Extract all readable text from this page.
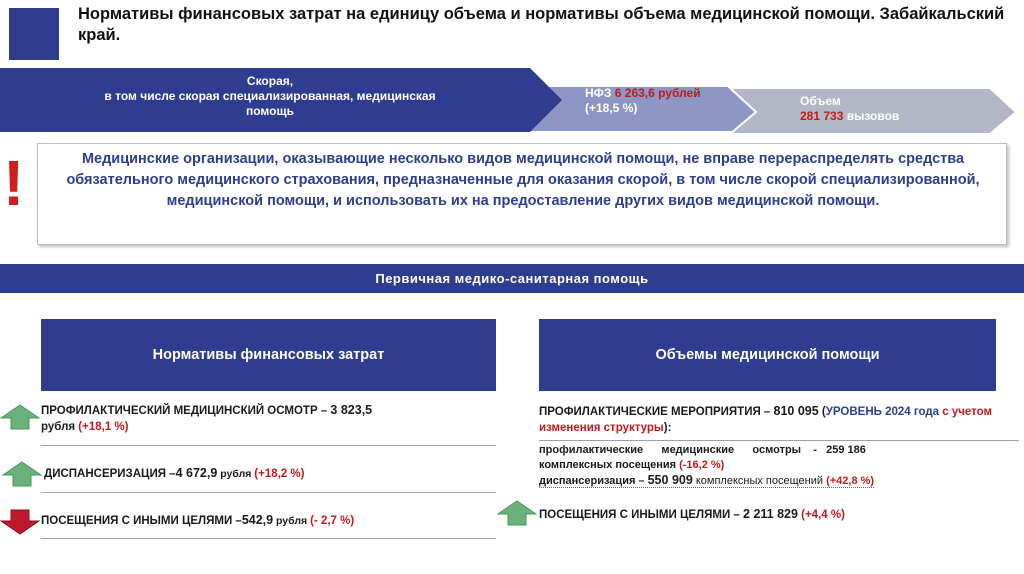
Нормативы финансовых затрат на единицу объема и нормативы объема медицинской помощи. Забайкальский край.
Скорая,
в том числе скорая специализированная, медицинская
помощь
НФЗ 6 263,6 рублей
(+18,5 %)	Объем
281 733 вызовов
!	Медицинские организации, оказывающие несколько видов медицинской помощи, не вправе перераспределять средства обязательного медицинского страхования, предназначенные для оказания скорой, в том числе скорой специализированной, медицинской помощи, и использовать их на предоставление других видов медицинской помощи.
Первичная медико-санитарная помощь
Нормативы финансовых затрат	Объемы медицинской помощи
ПРОФИЛАКТИЧЕСКИЙ МЕДИЦИНСКИЙ ОСМОТР – 3 823,5
рубля (+18,1 %)
ДИСПАНСЕРИЗАЦИЯ –4 672,9 рубля (+18,2 %)
ПОСЕЩЕНИЯ С ИНЫМИ ЦЕЛЯМИ –542,9 рубля (- 2,7 %)
ПРОФИЛАКТИЧЕСКИЕ МЕРОПРИЯТИЯ – 810 095 (УРОВЕНЬ 2024 года с учетом изменения структуры):
профилактические      медицинские      осмотры    -   259 186
комплексных посещения (-16,2 %)
диспансеризация – 550 909 комплексных посещений (+42,8 %)
ПОСЕЩЕНИЯ С ИНЫМИ ЦЕЛЯМИ – 2 211 829 (+4,4 %)
